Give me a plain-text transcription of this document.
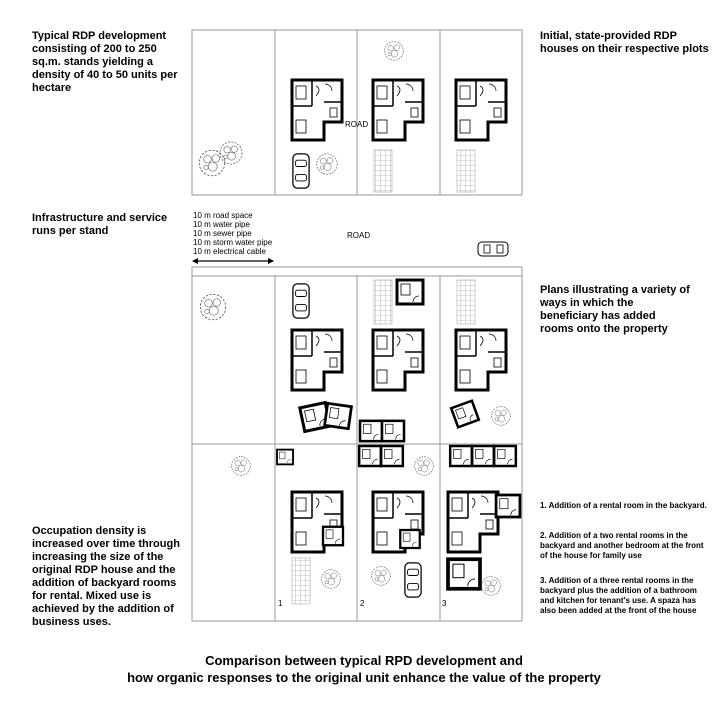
Typical RDP development consisting of 200 to 250 sq.m. stands yielding a density of 40 to 50 units per hectare

Infrastructure and service runs per stand

Occupation density is increased over time through increasing the size of the original RDP house and the addition of backyard rooms for rental. Mixed use is achieved by the addition of business uses.

Initial, state-provided RDP houses on their respective plots

Plans illustrating a variety of ways in which the beneficiary has added rooms onto the property

1. Addition of a rental room in the backyard.

2. Addition of a two rental rooms in the backyard and another bedroom at the front of the house for family use

3. Addition of a three rental rooms in the backyard plus the addition of a bathroom and kitchen for tenant's use. A spaza has also been added at the front of the house

10 m road space

10 m water pipe

10 m sewer pipe

10 m storm water pipe

10 m electrical cable

Comparison between typical RPD development and

how organic responses to the original unit enhance the value of the property

ROAD
ROAD
1	2	3
